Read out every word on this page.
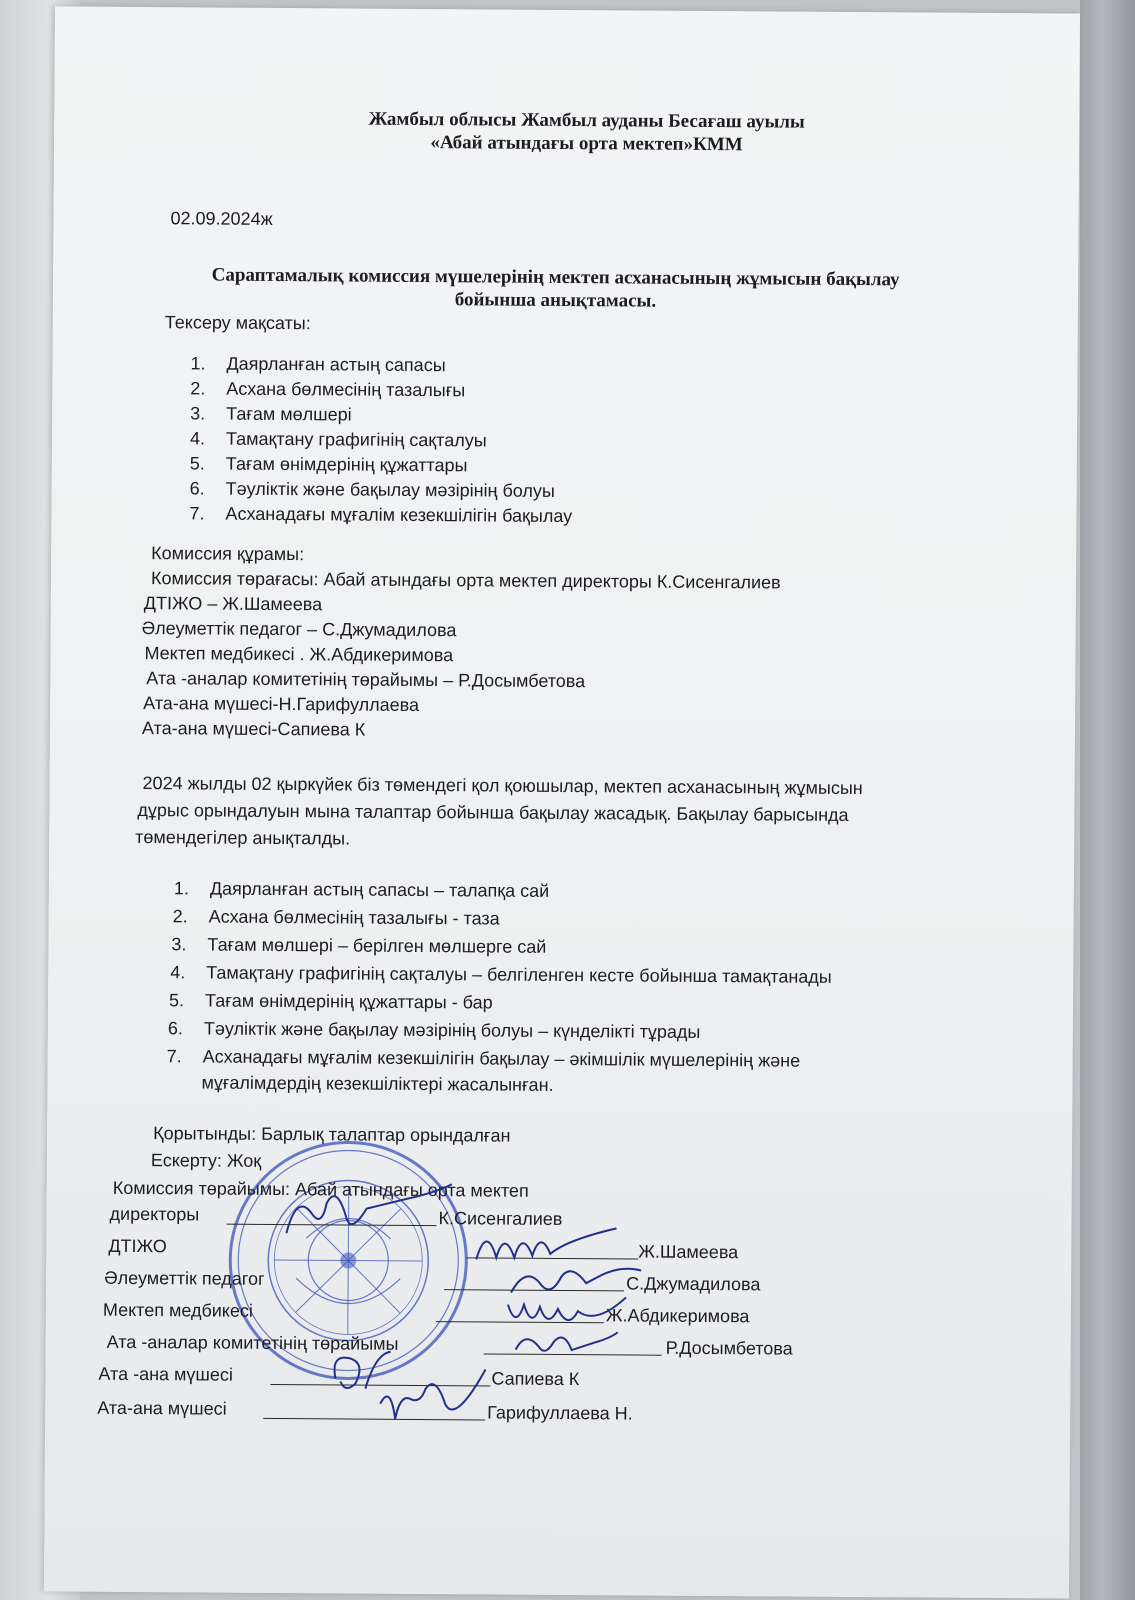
Жамбыл облысы Жамбыл ауданы Бесағаш ауылы
«Абай атындағы орта мектеп»КММ
02.09.2024ж
Сараптамалық комиссия мүшелерінің мектеп асханасының жұмысын бақылау
бойынша анықтамасы.
Тексеру мақсаты:
1. Даярланған астың сапасы
2. Асхана бөлмесінің тазалығы
3. Тағам мөлшері
4. Тамақтану графигінің сақталуы
5. Тағам өнімдерінің құжаттары
6. Тәуліктік және бақылау мәзірінің болуы
7. Асханадағы мұғалім кезекшілігін бақылау
Комиссия құрамы:
Комиссия төрағасы: Абай атындағы орта мектеп директоры К.Сисенгалиев
ДТІЖО – Ж.Шамеева
Әлеуметтік педагог – С.Джумадилова
Мектеп медбикесі . Ж.Абдикеримова
Ата -аналар комитетінің төрайымы – Р.Досымбетова
Ата-ана мүшесі-Н.Гарифуллаева
Ата-ана мүшесі-Сапиева К
2024 жылды 02 қыркүйек біз төмендегі қол қоюшылар, мектеп асханасының жұмысын
дұрыс орындалуын мына талаптар бойынша бақылау жасадық. Бақылау барысында
төмендегілер анықталды.
1. Даярланған астың сапасы – талапқа сай
2. Асхана бөлмесінің тазалығы - таза
3. Тағам мөлшері – берілген мөлшерге сай
4. Тамақтану графигінің сақталуы – белгіленген кесте бойынша тамақтанады
5. Тағам өнімдерінің құжаттары - бар
6. Тәуліктік және бақылау мәзірінің болуы – күнделікті тұрады
7. Асханадағы мұғалім кезекшілігін бақылау – әкімшілік мүшелерінің және
мұғалімдердің кезекшіліктері жасалынған.
Қорытынды: Барлық талаптар орындалған
Ескерту: Жоқ
Комиссия төрайымы: Абай атындағы орта мектеп
директоры	К.Сисенгалиев
ДТІЖО	Ж.Шамеева
Әлеуметтік педагог	С.Джумадилова
Мектеп медбикесі	Ж.Абдикеримова
Ата -аналар комитетінің төрайымы	Р.Досымбетова
Ата -ана мүшесі	Сапиева К
Ата-ана мүшесі	Гарифуллаева Н.
